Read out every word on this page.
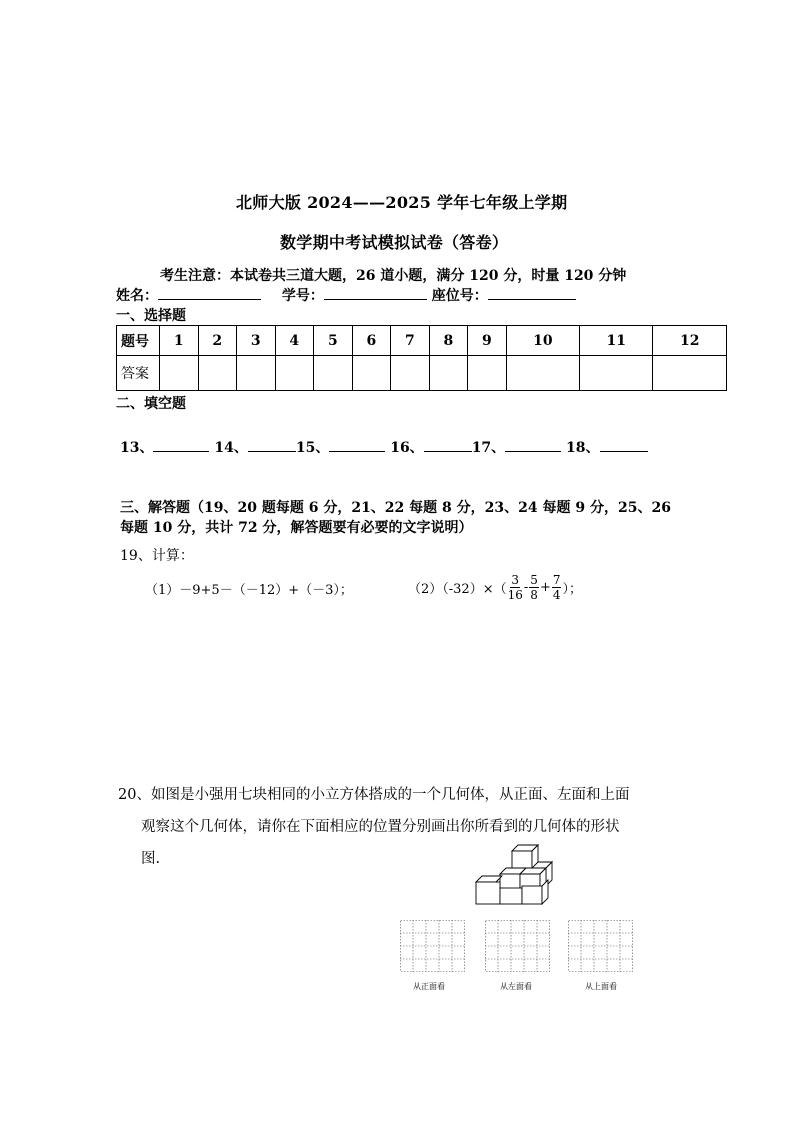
北师大版 2024——2025 学年七年级上学期
数学期中考试模拟试卷（答卷）
考生注意：本试卷共三道大题，26 道小题，满分 120 分，时量 120 分钟
姓名：	学号：	座位号：
一、选择题
题号	1	2	3	4	5	6	7	8	9	10	11	12
答案												
二、填空题
13、	14、	15、	16、	17、	18、
三、解答题（19、20 题每题 6 分，21、22 每题 8 分，23、24 每题 9 分，25、26
每题 10 分，共计 72 分，解答题要有必要的文字说明）
19、计算：
（1）－9+5－（－12）+（－3）；	$(2)(-32)\times( \frac{3}{16} - \frac{5}{8} + \frac{7}{4}$ ）；
20、如图是小强用七块相同的小立方体搭成的一个几何体，从正面、左面和上面
观察这个几何体，请你在下面相应的位置分别画出你所看到的几何体的形状
图.
从正面看	从左面看	从上面看
